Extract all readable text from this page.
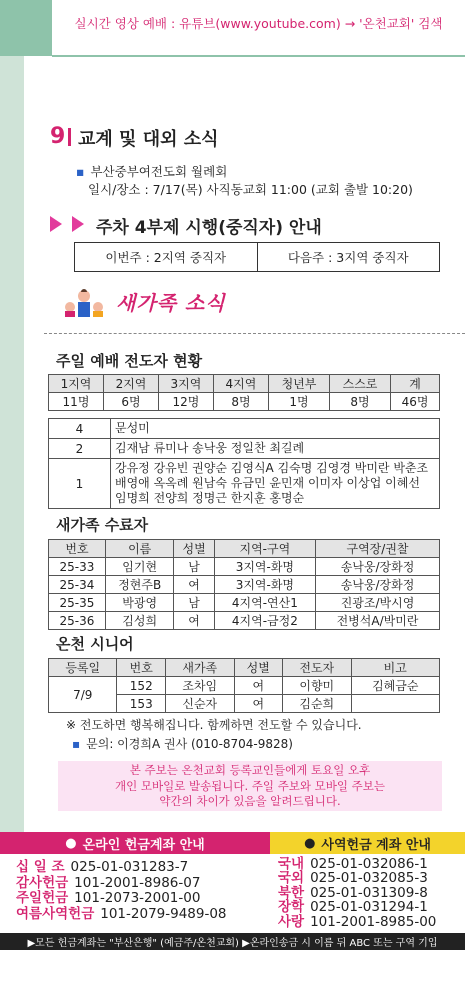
실시간 영상 예배 : 유튜브(www.youtube.com) → '온천교회' 검색
9 교계 및 대외 소식
▪ 부산중부여전도회 월례회
일시/장소 : 7/17(목) 사직동교회 11:00 (교회 출발 10:20)
주차 4부제 시행(중직자) 안내
이번주 : 2지역 중직자	다음주 : 3지역 중직자
새가족 소식
주일 예배 전도자 현황
1지역	2지역	3지역	4지역	청년부	스스로	계
11명	6명	12명	8명	1명	8명	46명
4	문성미
2	김재남 류미나 송낙웅 정일찬 최길례
1	강유정 강유빈 권양순 김영식A 김숙명 김영경 박미란 박춘조 배영애 옥옥례 원남숙 유금민 윤민재 이미자 이상업 이혜선 임명희 전양희 정명근 한지훈 홍명순
새가족 수료자
번호	이름	성별	지역-구역	구역장/권찰
25-33	임기현	남	3지역-화명	송낙웅/장화정
25-34	정현주B	여	3지역-화명	송낙웅/장화정
25-35	박광영	남	4지역-연산1	진광조/박시영
25-36	김성희	여	4지역-금정2	전병석A/박미란
온천 시니어
등록일	번호	새가족	성별	전도자	비고
7/9	152	조차임	여	이향미	김혜금순
	153	신순자	여	김순희	
※ 전도하면 행복해집니다. 함께하면 전도할 수 있습니다.
▪ 문의: 이경희A 권사 (010-8704-9828)
본 주보는 온천교회 등록교인들에게 토요일 오후
개인 모바일로 발송됩니다. 주일 주보와 모바일 주보는
약간의 차이가 있음을 알려드립니다.
● 온라인 헌금계좌 안내	● 사역헌금 계좌 안내
십 일 조 025-01-031283-7
감사헌금 101-2001-8986-07
주일헌금 101-2073-2001-00
여름사역헌금 101-2079-9489-08
국내 025-01-032086-1
국외 025-01-032085-3
북한 025-01-031309-8
장학 025-01-031294-1
사랑 101-2001-8985-00
▶모든 헌금계좌는 "부산은행" (예금주/온천교회) ▶온라인송금 시 이름 뒤 ABC 또는 구역 기입
